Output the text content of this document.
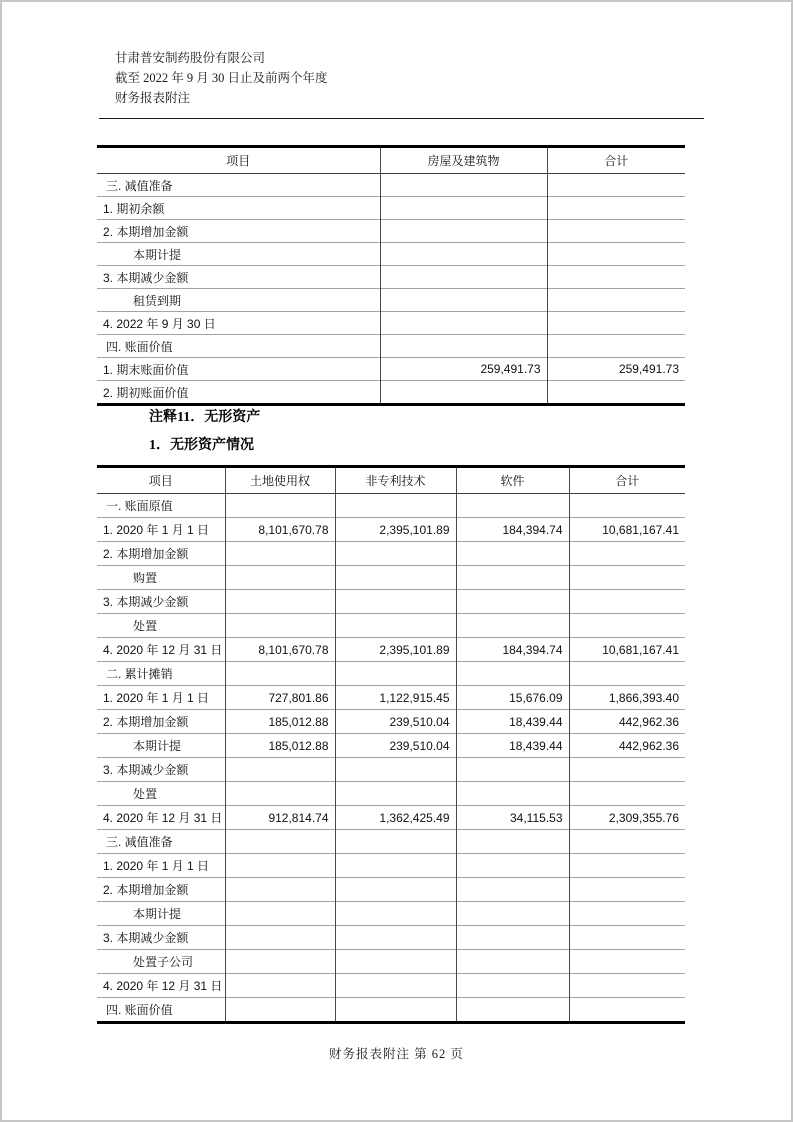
甘肃普安制药股份有限公司
截至 2022 年 9 月 30 日止及前两个年度
财务报表附注
项目	房屋及建筑物	合计
三. 减值准备		
1. 期初余额		
2. 本期增加金额		
本期计提		
3. 本期减少金额		
租赁到期		
4. 2022 年 9 月 30 日		
四. 账面价值		
1. 期末账面价值	259,491.73	259,491.73
2. 期初账面价值		
注释11．无形资产
1．无形资产情况
项目	土地使用权	非专利技术	软件	合计
一. 账面原值				
1. 2020 年 1 月 1 日	8,101,670.78	2,395,101.89	184,394.74	10,681,167.41
2. 本期增加金额				
购置				
3. 本期减少金额				
处置				
4. 2020 年 12 月 31 日	8,101,670.78	2,395,101.89	184,394.74	10,681,167.41
二. 累计摊销				
1. 2020 年 1 月 1 日	727,801.86	1,122,915.45	15,676.09	1,866,393.40
2. 本期增加金额	185,012.88	239,510.04	18,439.44	442,962.36
本期计提	185,012.88	239,510.04	18,439.44	442,962.36
3. 本期减少金额				
处置				
4. 2020 年 12 月 31 日	912,814.74	1,362,425.49	34,115.53	2,309,355.76
三. 减值准备				
1. 2020 年 1 月 1 日				
2. 本期增加金额				
本期计提				
3. 本期减少金额				
处置子公司				
4. 2020 年 12 月 31 日				
四. 账面价值				
财务报表附注 第 62 页
